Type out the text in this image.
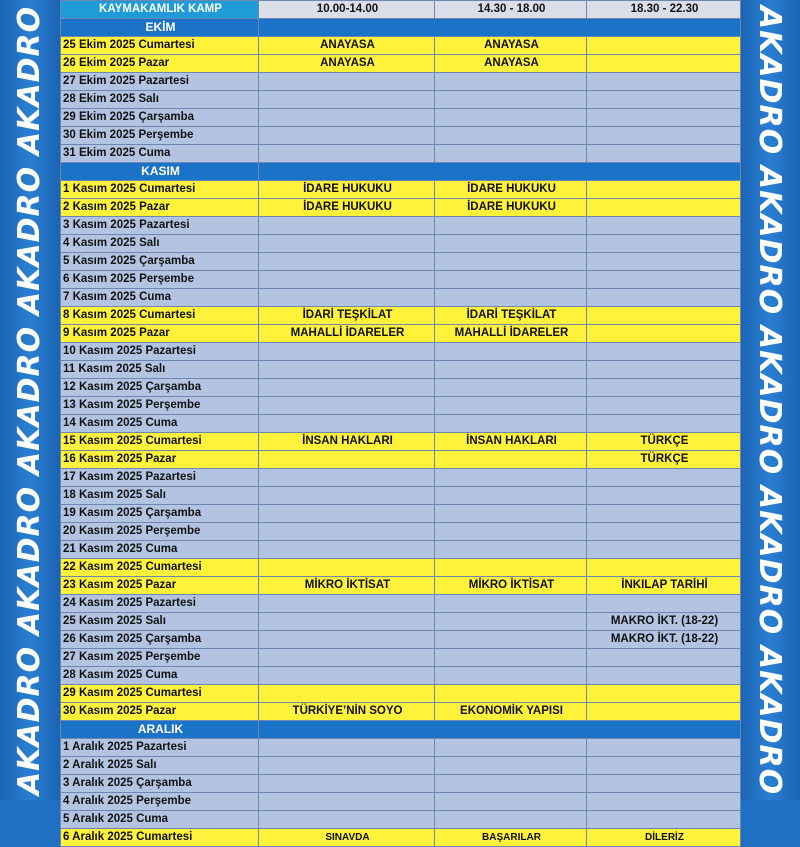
AKADRO
AKADRO
AKADRO
AKADRO
AKADRO
AKADRO
AKADRO
AKADRO
AKADRO
AKADRO
KAYMAKAMLIK KAMP	10.00-14.00	14.30 - 18.00	18.30 - 22.30
EKİM			
25 Ekim 2025 Cumartesi	ANAYASA	ANAYASA	
26 Ekim 2025 Pazar	ANAYASA	ANAYASA	
27 Ekim 2025 Pazartesi			
28 Ekim 2025 Salı			
29 Ekim 2025 Çarşamba			
30 Ekim 2025 Perşembe			
31 Ekim 2025 Cuma			
KASIM			
1 Kasım 2025 Cumartesi	İDARE HUKUKU	İDARE HUKUKU	
2 Kasım 2025 Pazar	İDARE HUKUKU	İDARE HUKUKU	
3 Kasım 2025 Pazartesi			
4 Kasım 2025 Salı			
5 Kasım 2025 Çarşamba			
6 Kasım 2025 Perşembe			
7 Kasım 2025 Cuma			
8 Kasım 2025 Cumartesi	İDARİ TEŞKİLAT	İDARİ TEŞKİLAT	
9 Kasım 2025 Pazar	MAHALLİ İDARELER	MAHALLİ İDARELER	
10 Kasım 2025 Pazartesi			
11 Kasım 2025 Salı			
12 Kasım 2025 Çarşamba			
13 Kasım 2025 Perşembe			
14 Kasım 2025 Cuma			
15 Kasım 2025 Cumartesi	İNSAN HAKLARI	İNSAN HAKLARI	TÜRKÇE
16 Kasım 2025 Pazar			TÜRKÇE
17 Kasım 2025 Pazartesi			
18 Kasım 2025 Salı			
19 Kasım 2025 Çarşamba			
20 Kasım 2025 Perşembe			
21 Kasım 2025 Cuma			
22 Kasım 2025 Cumartesi			
23 Kasım 2025 Pazar	MİKRO İKTİSAT	MİKRO İKTİSAT	İNKILAP TARİHİ
24 Kasım 2025 Pazartesi			
25 Kasım 2025 Salı			MAKRO İKT. (18-22)
26 Kasım 2025 Çarşamba			MAKRO İKT. (18-22)
27 Kasım 2025 Perşembe			
28 Kasım 2025 Cuma			
29 Kasım 2025 Cumartesi			
30 Kasım 2025 Pazar	TÜRKİYE’NİN SOYO	EKONOMİK YAPISI	
ARALIK			
1 Aralık 2025 Pazartesi			
2 Aralık 2025 Salı			
3 Aralık 2025 Çarşamba			
4 Aralık 2025 Perşembe			
5 Aralık 2025 Cuma			
6 Aralık 2025 Cumartesi	SINAVDA	BAŞARILAR	DİLERİZ
